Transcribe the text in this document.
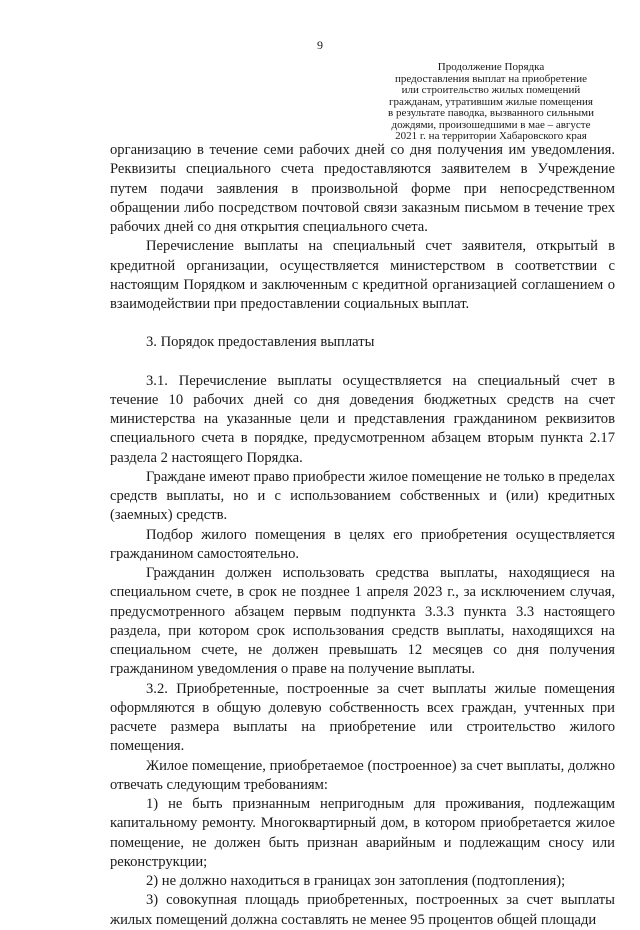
9
Продолжение Порядка
предоставления выплат на приобретение
или строительство жилых помещений
гражданам, утратившим жилые помещения
в результате паводка, вызванного сильными
дождями, произошедшими в мае – августе
2021 г. на территории Хабаровского края

организацию в течение семи рабочих дней со дня получения им уведомления. Реквизиты специального счета предоставляются заявителем в Учреждение путем подачи заявления в произвольной форме при непосредственном обращении либо посредством почтовой связи заказным письмом в течение трех рабочих дней со дня открытия специального счета.

Перечисление выплаты на специальный счет заявителя, открытый в кредитной организации, осуществляется министерством в соответствии с настоящим Порядком и заключенным с кредитной организацией соглашением о взаимодействии при предоставлении социальных выплат.

3. Порядок предоставления выплаты

3.1. Перечисление выплаты осуществляется на специальный счет в течение 10 рабочих дней со дня доведения бюджетных средств на счет министерства на указанные цели и представления гражданином реквизитов специального счета в порядке, предусмотренном абзацем вторым пункта 2.17 раздела 2 настоящего Порядка.

Граждане имеют право приобрести жилое помещение не только в пределах средств выплаты, но и с использованием собственных и (или) кредитных (заемных) средств.

Подбор жилого помещения в целях его приобретения осуществляется гражданином самостоятельно.

Гражданин должен использовать средства выплаты, находящиеся на специальном счете, в срок не позднее 1 апреля 2023 г., за исключением случая, предусмотренного абзацем первым подпункта 3.3.3 пункта 3.3 настоящего раздела, при котором срок использования средств выплаты, находящихся на специальном счете, не должен превышать 12 месяцев со дня получения гражданином уведомления о праве на получение выплаты.

3.2. Приобретенные, построенные за счет выплаты жилые помещения оформляются в общую долевую собственность всех граждан, учтенных при расчете размера выплаты на приобретение или строительство жилого помещения.

Жилое помещение, приобретаемое (построенное) за счет выплаты, должно отвечать следующим требованиям:

1) не быть признанным непригодным для проживания, подлежащим капитальному ремонту. Многоквартирный дом, в котором приобретается жилое помещение, не должен быть признан аварийным и подлежащим сносу или реконструкции;

2) не должно находиться в границах зон затопления (подтопления);

3) совокупная площадь приобретенных, построенных за счет выплаты жилых помещений должна составлять не менее 95 процентов общей площади
